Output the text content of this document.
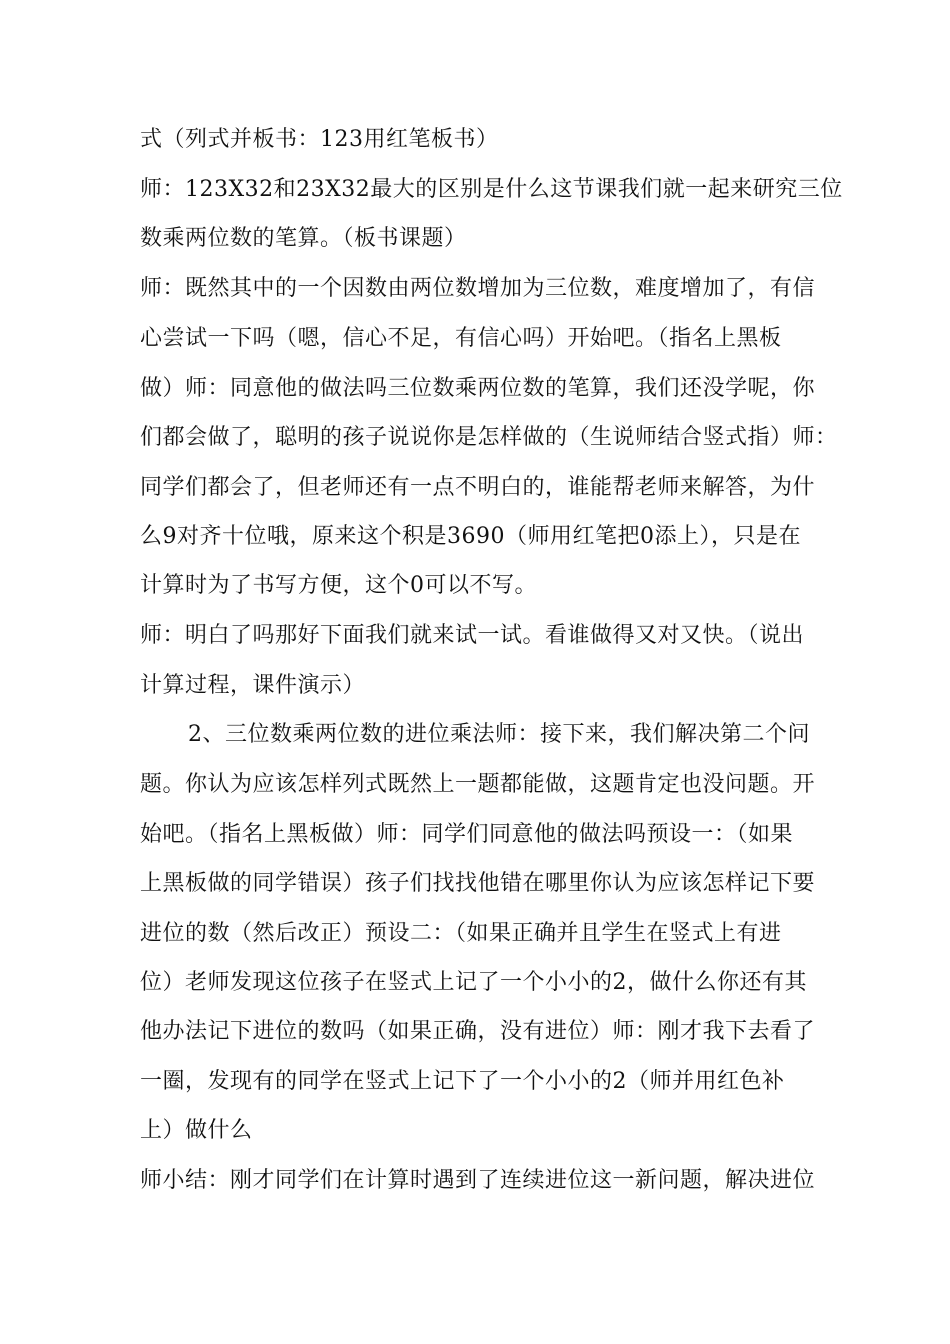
式（列式并板书：123用红笔板书）
师：123X32和23X32最大的区别是什么这节课我们就一起来研究三位
数乘两位数的笔算。（板书课题）
师：既然其中的一个因数由两位数增加为三位数，难度增加了，有信
心尝试一下吗（嗯，信心不足，有信心吗）开始吧。（指名上黑板
做）师：同意他的做法吗三位数乘两位数的笔算，我们还没学呢，你
们都会做了，聪明的孩子说说你是怎样做的（生说师结合竖式指）师：
同学们都会了，但老师还有一点不明白的，谁能帮老师来解答，为什
么9对齐十位哦，原来这个积是3690（师用红笔把0添上），只是在
计算时为了书写方便，这个0可以不写。
师：明白了吗那好下面我们就来试一试。看谁做得又对又快。（说出
计算过程，课件演示）
2、三位数乘两位数的进位乘法师：接下来，我们解决第二个问
题。你认为应该怎样列式既然上一题都能做，这题肯定也没问题。开
始吧。（指名上黑板做）师：同学们同意他的做法吗预设一：（如果
上黑板做的同学错误）孩子们找找他错在哪里你认为应该怎样记下要
进位的数（然后改正）预设二：（如果正确并且学生在竖式上有进
位）老师发现这位孩子在竖式上记了一个小小的2，做什么你还有其
他办法记下进位的数吗（如果正确，没有进位）师：刚才我下去看了
一圈，发现有的同学在竖式上记下了一个小小的2（师并用红色补
上）做什么
师小结：刚才同学们在计算时遇到了连续进位这一新问题，解决进位
